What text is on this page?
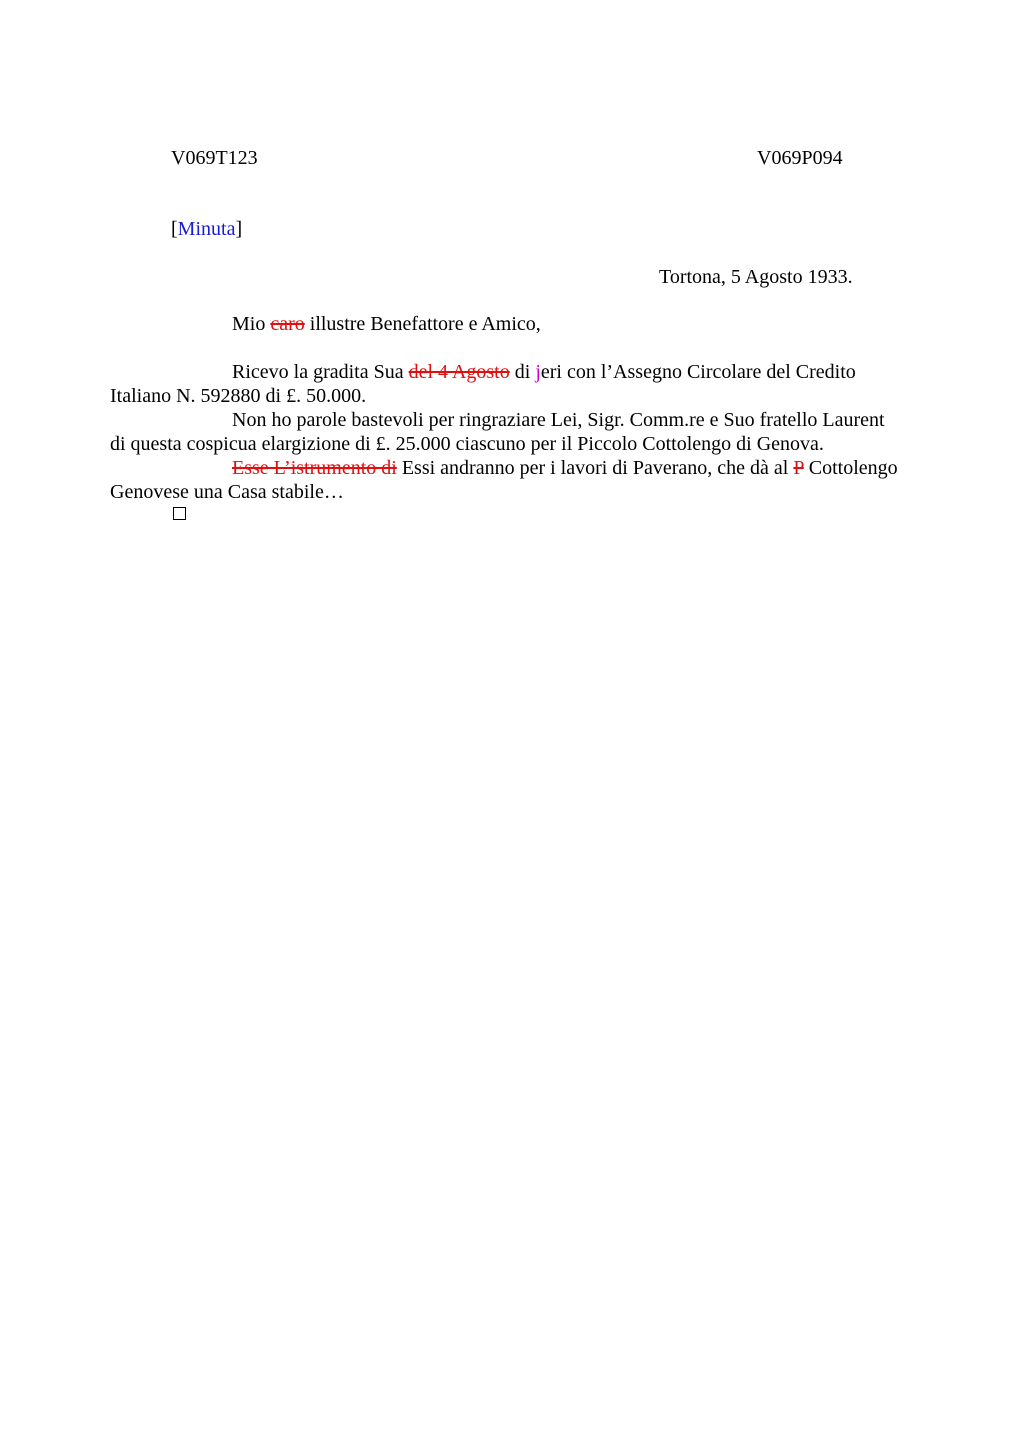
V069T123	V069P094
[Minuta]
Tortona, 5 Agosto 1933.
Mio caro illustre Benefattore e Amico,

Ricevo la gradita Sua del 4 Agosto di jeri con l’Assegno Circolare del Credito
Italiano N. 592880 di £. 50.000.

Non ho parole bastevoli per ringraziare Lei, Sigr. Comm.re e Suo fratello Laurent
di questa cospicua elargizione di £. 25.000 ciascuno per il Piccolo Cottolengo di Genova.

Esse L’istrumento di Essi andranno per i lavori di Paverano, che dà al P Cottolengo
Genovese una Casa stabile…
